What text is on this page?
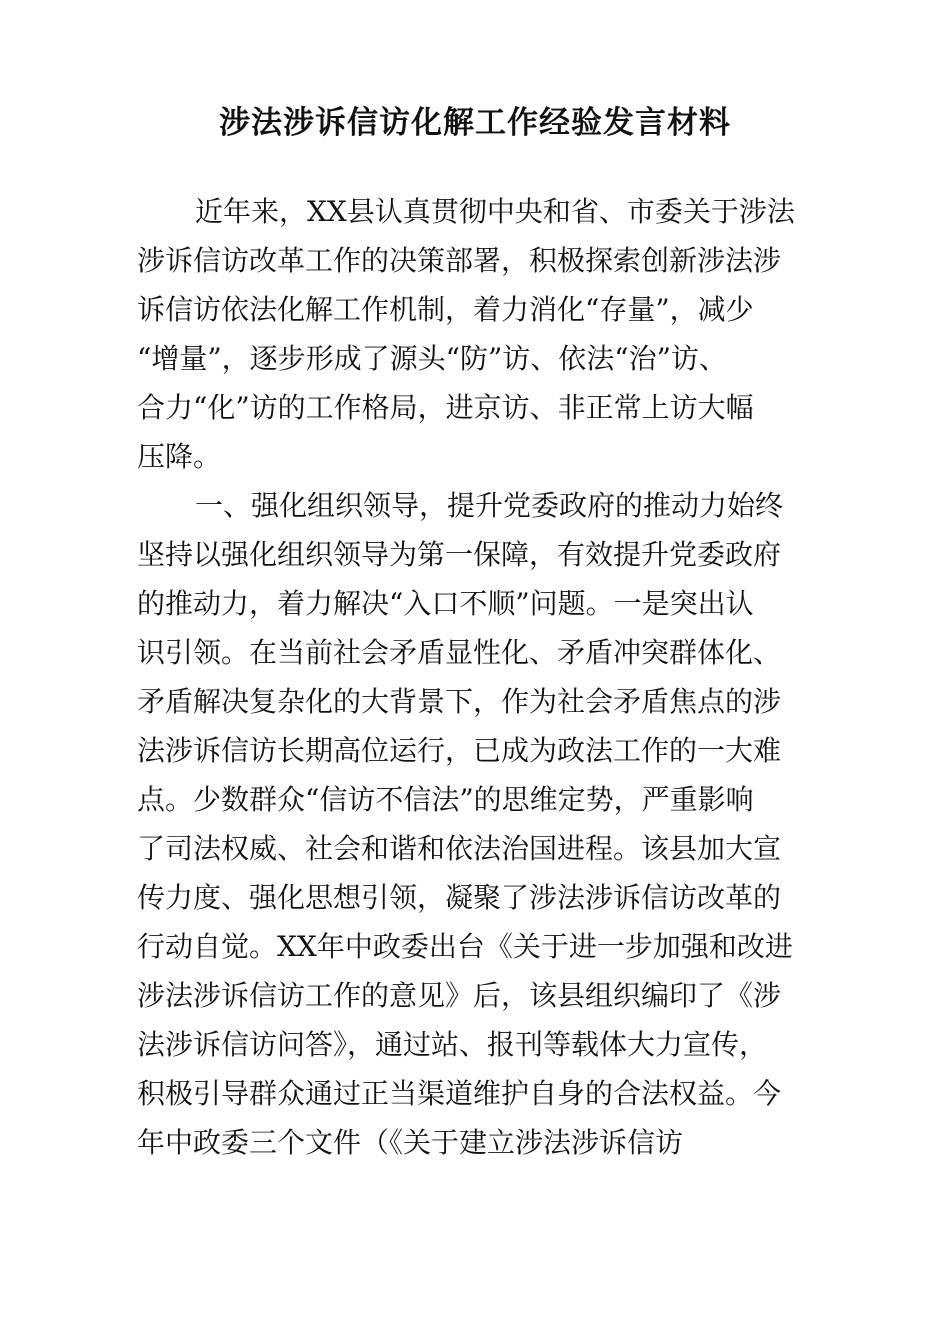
涉法涉诉信访化解工作经验发言材料
近年来，XX县认真贯彻中央和省、市委关于涉法
涉诉信访改革工作的决策部署，积极探索创新涉法涉
诉信访依法化解工作机制，着力消化“存量”，减少
“增量”，逐步形成了源头“防”访、依法“治”访、
合力“化”访的工作格局，进京访、非正常上访大幅
压降。
一、强化组织领导，提升党委政府的推动力始终
坚持以强化组织领导为第一保障，有效提升党委政府
的推动力，着力解决“入口不顺”问题。一是突出认
识引领。在当前社会矛盾显性化、矛盾冲突群体化、
矛盾解决复杂化的大背景下，作为社会矛盾焦点的涉
法涉诉信访长期高位运行，已成为政法工作的一大难
点。少数群众“信访不信法”的思维定势，严重影响
了司法权威、社会和谐和依法治国进程。该县加大宣
传力度、强化思想引领，凝聚了涉法涉诉信访改革的
行动自觉。XX年中政委出台《关于进一步加强和改进
涉法涉诉信访工作的意见》后，该县组织编印了《涉
法涉诉信访问答》，通过站、报刊等载体大力宣传，
积极引导群众通过正当渠道维护自身的合法权益。今
年中政委三个文件（《关于建立涉法涉诉信访
